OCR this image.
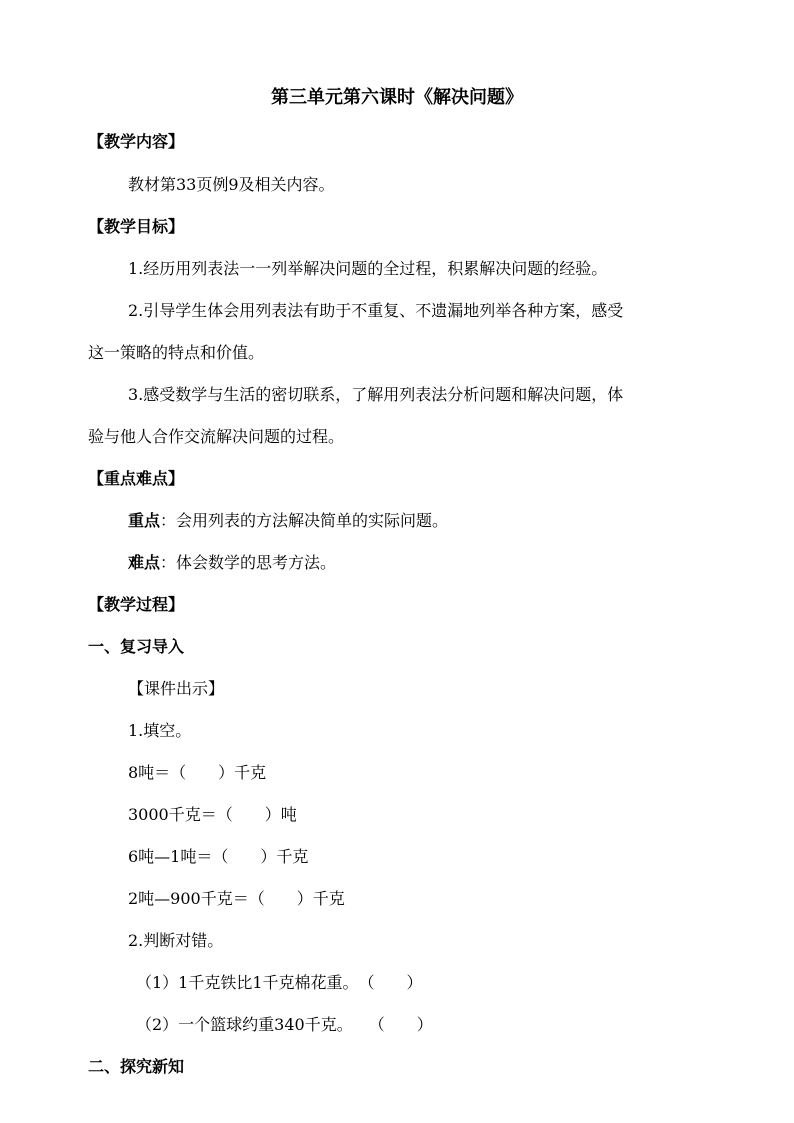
第三单元第六课时《解决问题》
【教学内容】
教材第33页例9及相关内容。
【教学目标】
1.经历用列表法一一列举解决问题的全过程，积累解决问题的经验。
2.引导学生体会用列表法有助于不重复、不遗漏地列举各种方案，感受
这一策略的特点和价值。
3.感受数学与生活的密切联系，了解用列表法分析问题和解决问题，体
验与他人合作交流解决问题的过程。
【重点难点】
重点：会用列表的方法解决简单的实际问题。
难点：体会数学的思考方法。
【教学过程】
一、复习导入
【课件出示】
1.填空。
8吨＝（　　）千克
3000千克＝（　　）吨
6吨—1吨＝（　　）千克
2吨—900千克＝（　　）千克
2.判断对错。
（1）1千克铁比1千克棉花重。　（　　）
（2）一个篮球约重340千克。　　（　　）
二、探究新知
